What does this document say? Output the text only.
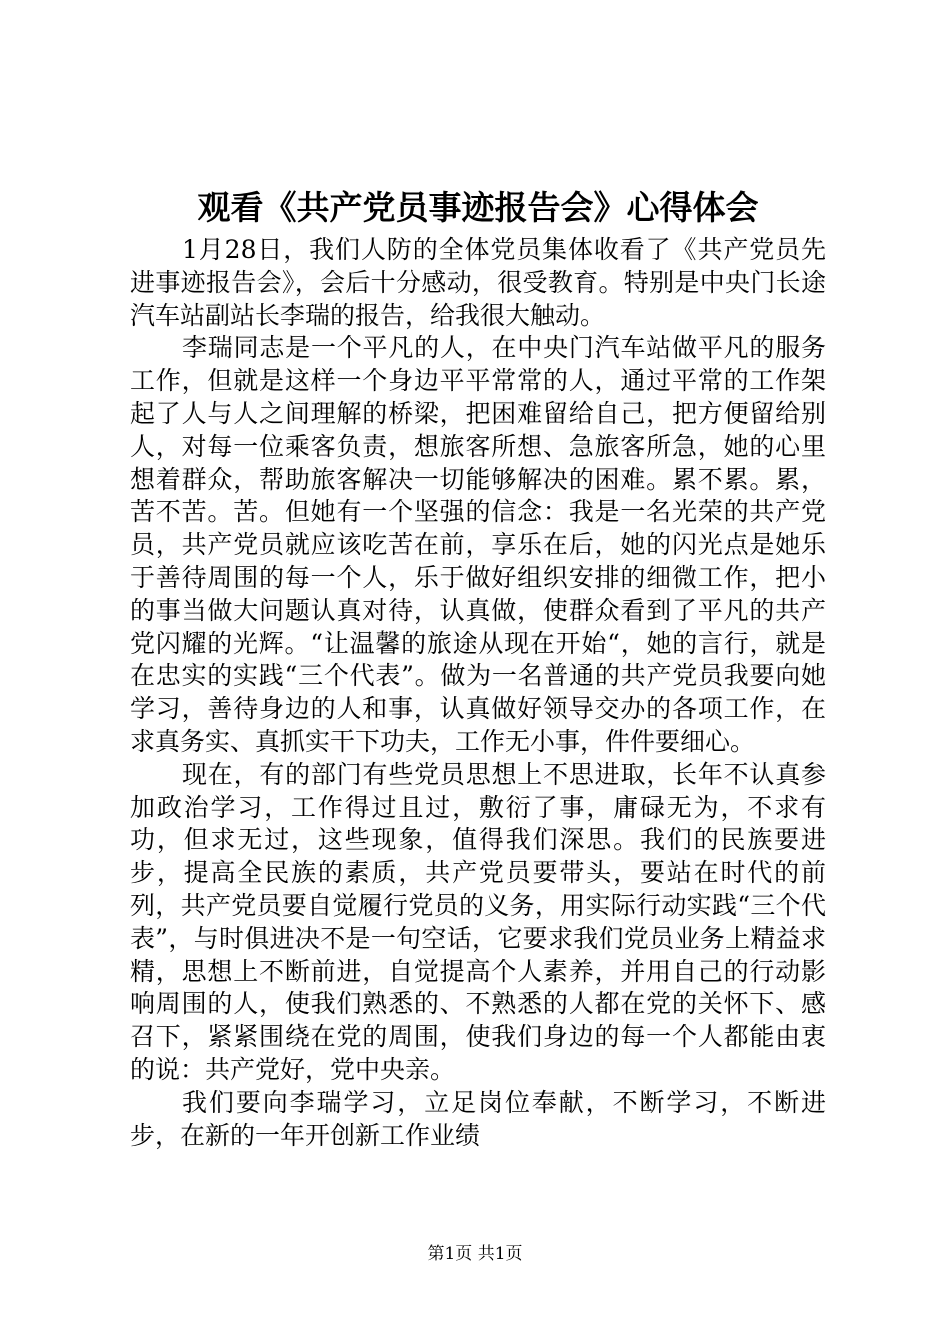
观看《共产党员事迹报告会》心得体会

1月28日，我们人防的全体党员集体收看了《共产党员先进事迹报告会》，会后十分感动，很受教育。特别是中央门长途汽车站副站长李瑞的报告，给我很大触动。

李瑞同志是一个平凡的人，在中央门汽车站做平凡的服务工作，但就是这样一个身边平平常常的人，通过平常的工作架起了人与人之间理解的桥梁，把困难留给自己，把方便留给别人，对每一位乘客负责，想旅客所想、急旅客所急，她的心里想着群众，帮助旅客解决一切能够解决的困难。累不累。累，苦不苦。苦。但她有一个坚强的信念：我是一名光荣的共产党员，共产党员就应该吃苦在前，享乐在后，她的闪光点是她乐于善待周围的每一个人，乐于做好组织安排的细微工作，把小的事当做大问题认真对待，认真做，使群众看到了平凡的共产党闪耀的光辉。“让温馨的旅途从现在开始“，她的言行，就是在忠实的实践“三个代表”。做为一名普通的共产党员我要向她学习，善待身边的人和事，认真做好领导交办的各项工作，在求真务实、真抓实干下功夫，工作无小事，件件要细心。

现在，有的部门有些党员思想上不思进取，长年不认真参加政治学习，工作得过且过，敷衍了事，庸碌无为，不求有功，但求无过，这些现象，值得我们深思。我们的民族要进步，提高全民族的素质，共产党员要带头，要站在时代的前列，共产党员要自觉履行党员的义务，用实际行动实践“三个代表”，与时俱进决不是一句空话，它要求我们党员业务上精益求精，思想上不断前进，自觉提高个人素养，并用自己的行动影响周围的人，使我们熟悉的、不熟悉的人都在党的关怀下、感召下，紧紧围绕在党的周围，使我们身边的每一个人都能由衷的说：共产党好，党中央亲。

我们要向李瑞学习，立足岗位奉献，不断学习，不断进步，在新的一年开创新工作业绩

第1页 共1页
